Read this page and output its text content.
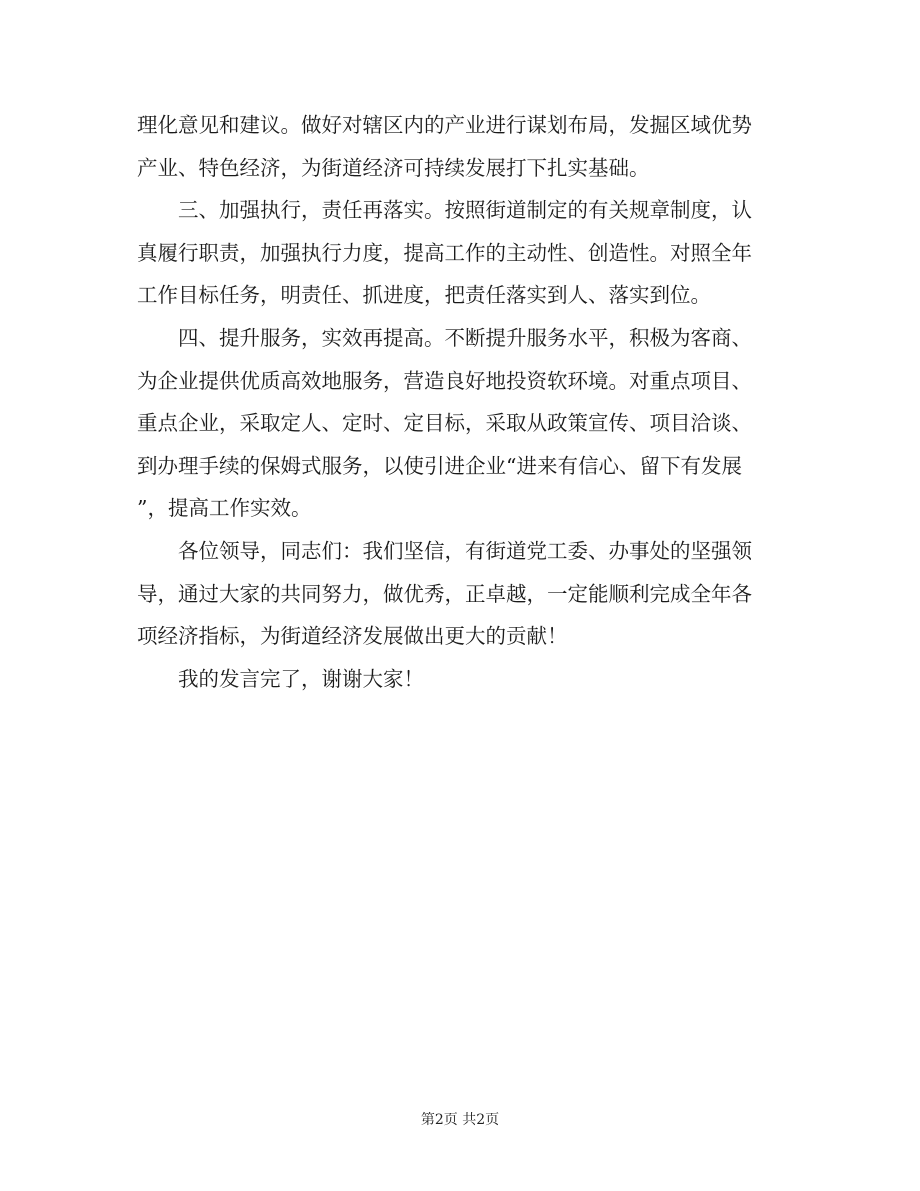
理化意见和建议。做好对辖区内的产业进行谋划布局，发掘区域优势
产业、特色经济，为街道经济可持续发展打下扎实基础。
三、加强执行，责任再落实。按照街道制定的有关规章制度，认
真履行职责，加强执行力度，提高工作的主动性、创造性。对照全年
工作目标任务，明责任、抓进度，把责任落实到人、落实到位。
四、提升服务，实效再提高。不断提升服务水平，积极为客商、
为企业提供优质高效地服务，营造良好地投资软环境。对重点项目、
重点企业，采取定人、定时、定目标，采取从政策宣传、项目洽谈、
到办理手续的保姆式服务，以使引进企业“进来有信心、留下有发展
”，提高工作实效。
各位领导，同志们：我们坚信，有街道党工委、办事处的坚强领
导，通过大家的共同努力，做优秀，正卓越，一定能顺利完成全年各
项经济指标，为街道经济发展做出更大的贡献！
我的发言完了，谢谢大家！
第2页 共2页
